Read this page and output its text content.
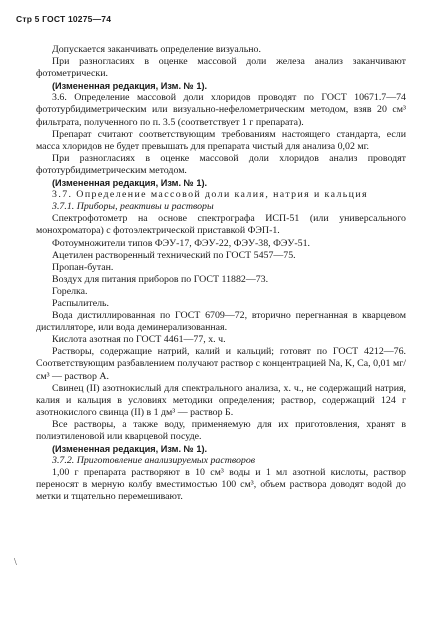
Стр 5 ГОСТ 10275—74
\

Допускается заканчивать определение визуально.

При разногласиях в оценке массовой доли железа анализ заканчивают фотометрически.

(Измененная редакция, Изм. № 1).

3.6. Определение массовой доли хлоридов проводят по ГОСТ 10671.7—74 фототурбидиметрическим или визуально-нефелометрическим методом, взяв 20 см³ фильтрата, полученного по п. 3.5 (соответствует 1 г препарата).

Препарат считают соответствующим требованиям настоящего стандарта, если масса хлоридов не будет превышать для препарата чистый для анализа 0,02 мг.

При разногласиях в оценке массовой доли хлоридов анализ проводят фототурбидиметрическим методом.

(Измененная редакция, Изм. № 1).

3.7. Определение массовой доли калия, натрия и кальция

3.7.1. Приборы, реактивы и растворы

Спектрофотометр на основе спектрографа ИСП-51 (или универсального монохроматора) с фотоэлектрической приставкой ФЭП-1.

Фотоумножители типов ФЭУ-17, ФЭУ-22, ФЭУ-38, ФЭУ-51.

Ацетилен растворенный технический по ГОСТ 5457—75.

Пропан-бутан.

Воздух для питания приборов по ГОСТ 11882—73.

Горелка.

Распылитель.

Вода дистиллированная по ГОСТ 6709—72, вторично перегнанная в кварцевом дистилляторе, или вода деминерализованная.

Кислота азотная по ГОСТ 4461—77, х. ч.

Растворы, содержащие натрий, калий и кальций; готовят по ГОСТ 4212—76. Соответствующим разбавлением получают раствор с концентрацией Na, K, Ca, 0,01 мг/см³ — раствор А.

Свинец (II) азотнокислый для спектрального анализа, х. ч., не содержащий натрия, калия и кальция в условиях методики определения; раствор, содержащий 124 г азотнокислого свинца (II) в 1 дм³ — раствор Б.

Все растворы, а также воду, применяемую для их приготовления, хранят в полиэтиленовой или кварцевой посуде.

(Измененная редакция, Изм. № 1).

3.7.2. Приготовление анализируемых растворов

1,00 г препарата растворяют в 10 см³ воды и 1 мл азотной кислоты, раствор переносят в мерную колбу вместимостью 100 см³, объем раствора доводят водой до метки и тщательно перемешивают.
